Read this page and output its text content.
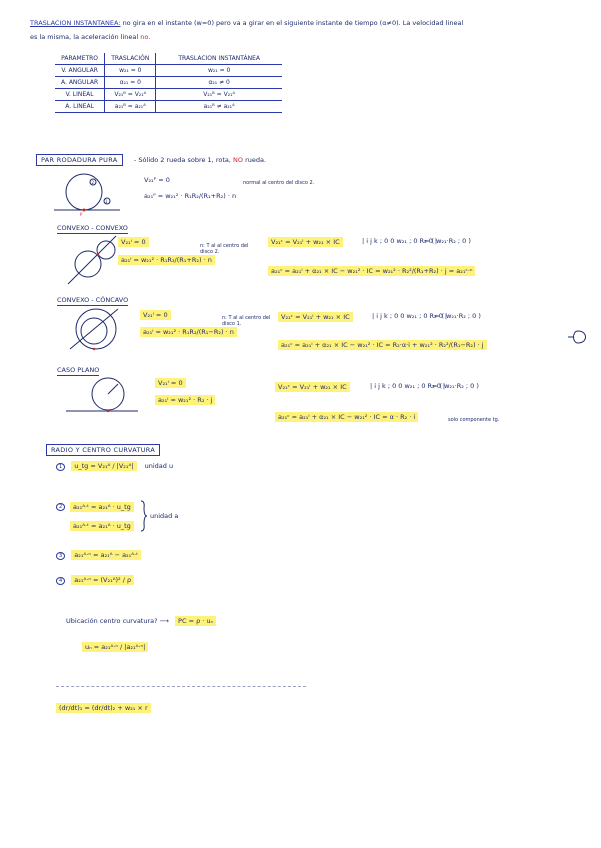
TRASLACION INSTANTANEA: no gira en el instante (w=0) pero va a girar en el siguiente instante de tiempo (α≠0). La velocidad lineal
es la misma, la aceleración lineal no.
PARAMETRO	TRASLACIÓN	TRASLACION INSTANTÁNEA
V. ANGULAR	w₂₁ = 0	w₂₁ = 0
A. ANGULAR	α₂₁ = 0	α₂₁ ≠ 0
V. LINEAL	V₂₁ᴮ = V₂₁ᴬ	V₂₁ᴮ = V₂₁ᴬ
A. LINEAL	a₂₁ᴮ = a₂₁ᴬ	a₂₁ᴮ ≠ a₂₁ᴬ
PAR RODADURA PURA	- Sólido 2 rueda sobre 1, rota, NO rueda.
1
2
P
V₂₁ᴾ = 0
a₂₁ᴾ = w₂₁² · R₁R₂/(R₁+R₂) · n
normal al centro del disco 2.
CONVEXO - CONVEXO
V₂₁ᴵ = 0
a₂₁ᴵ = w₂₁² · R₁R₂/(R₁+R₂) · n
n: T al al centro del disco 2.
V₂₁ᶜ = V₂₁ᴵ + w₂₁ × IC	| i j k ; 0 0 w₂₁ ; 0 R₂ 0 |
= ( w₂₁·R₂ ; 0 )
a₂₁ᶜ = a₂₁ᴵ + α₂₁ × IC − w₂₁² · IC = w₂₁² · R₂²/(R₁+R₂) · j = a₂₁ᶜ·ⁿ
CONVEXO - CÓNCAVO
V₂₁ᴵ = 0
a₂₁ᴵ = w₂₁² · R₁R₂/(R₁−R₂) · n
n: T al al centro del disco 1.
V₂₁ᶜ = V₂₁ᴵ + w₂₁ × IC	| i j k ; 0 0 w₂₁ ; 0 R₂ 0 |
= ( w₂₁·R₂ ; 0 )
a₂₁ᶜ = a₂₁ᴵ + α₂₁ × IC − w₂₁² · IC = R₂·α·i + w₂₁² · R₂²/(R₁−R₂) · j
CASO PLANO
V₂₁ᴵ = 0
a₂₁ᴵ = w₂₁² · R₂ · j
V₂₁ᶜ = V₂₁ᴵ + w₂₁ × IC	| i j k ; 0 0 w₂₁ ; 0 R₂ 0 |
= ( w₂₁·R₂ ; 0 )
a₂₁ᶜ = a₂₁ᴵ + α₂₁ × IC − w₂₁² · IC = α · R₂ · i	solo componente tg.
RADIO Y CENTRO CURVATURA
1 u_tg = V₂₁ᴬ / |V₂₁ᴬ| unidad u
2	a₂₁ᴬ·ᵗ = a₂₁ᴬ · u_tg
a₂₁ᴬ·ᵗ = a₂₁ᴬ · u_tg
unidad a
3 a₂₁ᴬ·ⁿ = a₂₁ᴬ − a₂₁ᴬ·ᵗ
4 a₂₁ᴬ·ⁿ = (V₂₁ᴬ)² / ρ
Ubicación centro curvatura? ⟶ PC = ρ · uₙ
uₙ = a₂₁ᴬ·ⁿ / |a₂₁ᴬ·ⁿ|
(dr/dt)₁ = (dr/dt)₂ + w₂₁ × r
